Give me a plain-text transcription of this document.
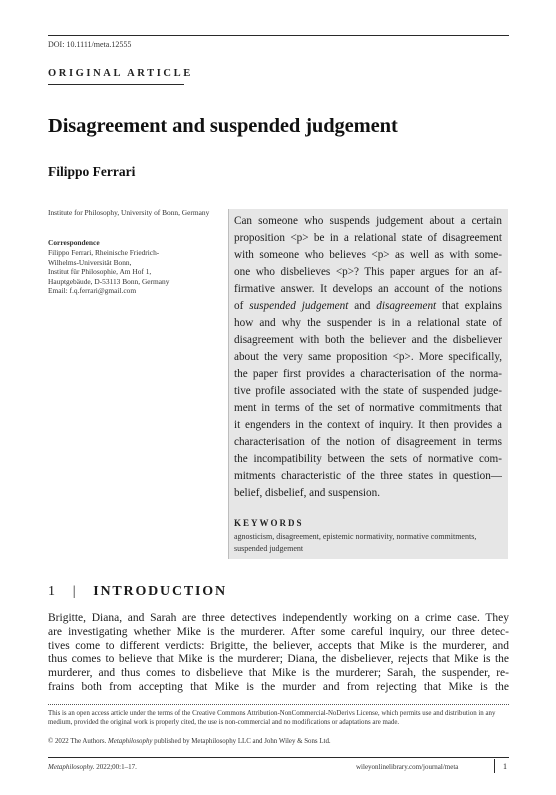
DOI: 10.1111/meta.12555
ORIGINAL ARTICLE
Disagreement and suspended judgement
Filippo Ferrari
Institute for Philosophy, University of Bonn, Germany
Correspondence
Filippo Ferrari, Rheinische Friedrich-
Wilhelms-Universität Bonn,
Institut für Philosophie, Am Hof 1,
Hauptgebäude, D-53113 Bonn, Germany
Email: f.q.ferrari@gmail.com

Can someone who suspends judgement about a certain
proposition <p> be in a relational state of disagreement
with someone who believes <p> as well as with some-
one who disbelieves <p>? This paper argues for an af-
firmative answer. It develops an account of the notions
of suspended judgement and disagreement that explains
how and why the suspender is in a relational state of
disagreement with both the believer and the disbeliever
about the very same proposition <p>. More specifically,
the paper first provides a characterisation of the norma-
tive profile associated with the state of suspended judge-
ment in terms of the set of normative commitments that
it engenders in the context of inquiry. It then provides a
characterisation of the notion of disagreement in terms
the incompatibility between the sets of normative com-
mitments characteristic of the three states in question—
belief, disbelief, and suspension.

KEYWORDS
agnosticism, disagreement, epistemic normativity, normative commitments, suspended judgement
1 | INTRODUCTION

Brigitte, Diana, and Sarah are three detectives independently working on a crime case. They
are investigating whether Mike is the murderer. After some careful inquiry, our three detec-
tives come to different verdicts: Brigitte, the believer, accepts that Mike is the murderer, and
thus comes to believe that Mike is the murderer; Diana, the disbeliever, rejects that Mike is the
murderer, and thus comes to disbelieve that Mike is the murderer; Sarah, the suspender, re-
frains both from accepting that Mike is the murder and from rejecting that Mike is the

This is an open access article under the terms of the Creative Commons Attribution-NonCommercial-NoDerivs License, which permits use and distribution in any medium, provided the original work is properly cited, the use is non-commercial and no modifications or adaptations are made.
© 2022 The Authors. Metaphilosophy published by Metaphilosophy LLC and John Wiley & Sons Ltd.
Metaphilosophy. 2022;00:1–17.	wileyonlinelibrary.com/journal/meta	1
